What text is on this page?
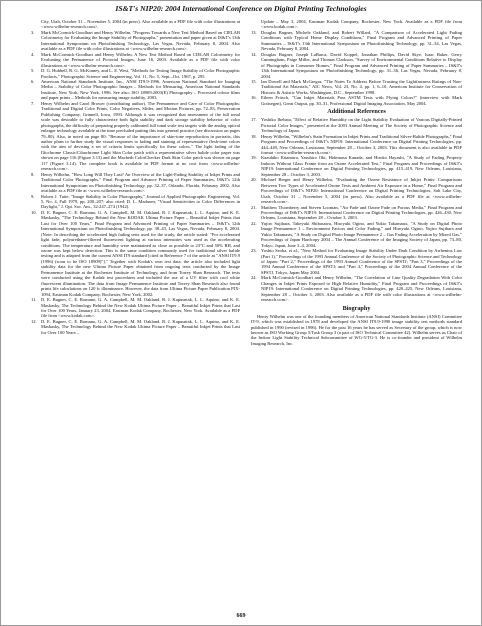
IS&T's NIP20: 2004 International Conference on Digital Printing Technologies
City, Utah, October 31 – November 5, 2004 (in press). Also available as a PDF file with color illustrations at <www.wilhelm-research.com>.
3. Mark McCormick-Goodhart and Henry Wilhelm, "Progress Towards a New Test Method Based on CIELAB Colorimetry for Evaluating the Image Stability of Photographs," presentation and paper given at IS&T's 13th International Symposium on Photofinishing Technology, Las Vegas, Nevada, February 8, 2004. Also available as a PDF file with color illustrations at <www.wilhelm-research.com>.
4. Mark McCormick-Goodhart and Henry Wilhelm, A New Test Method Based on CIELAB Colorimetry for Evaluating the Permanence of Pictorial Images, June 16, 2003. Available as a PDF file with color illustrations at <www.wilhelm-research.com>.
5. D. G. Hubbell, R. G. McKinney, and L. E. West, "Methods for Testing Image Stability of Color Photographic Products," Photographic Science and Engineering, Vol. 11, No. 5, Sept.–Oct. 1967, p. 295.
6. American National Standards Institute, Inc., ANSI IT9.9-1996, American National Standard for Imaging Media – Stability of Color Photographic Images – Methods for Measuring, American National Standards Institute, New York, New York, 1996. See also: ISO 18909:2003(E) Photography – Processed colour films and paper prints – Methods for measuring image stability, 2003.
7. Henry Wilhelm and Carol Brower (contributing author), The Permanence and Care of Color Photographs: Traditional and Digital Color Prints, Color Negatives, Slides, and Motion Pictures, pp. 72–83, Preservation Publishing Company, Grinnell, Iowa, 1993. Although it was recognized that assessment of the full tonal scale was desirable to fully characterize both light stability and dark storage stability behavior of color photographs, the difficulty of preparing properly calibrated full tonal scale test targets with the analog optical enlarger technology available at the time precluded putting this into general practice (see discussion on pages 79–80). Also, in noted on page 80: "Because of the importance of skin-tone reproduction in portraits, this author plans to further study the visual responses to fading and staining of representative flesh-tone colors with the aim of devising a set of criteria limits specifically for these colors." The light fading of the Ilfochrome Classic/Cibachrome Light Skin Color patch with a representative silver halide color paper was shown on page 116 (Figure 3.13) and the Macbeth ColorChecker Dark Skin Color patch was shown on page 117 (Figure 3.14). The complete book is available in PDF format at no cost from <www.wilhelm-research.com>.
8. Henry Wilhelm, "How Long Will They Last? An Overview of the Light-Fading Stability of Inkjet Prints and Traditional Color Photographs," Final Program and Advance Printing of Paper Summaries, IS&T's 12th International Symposium on Photofinishing Technology, pp. 32–37, Orlando, Florida, February 2002. Also available as a PDF file at <www.wilhelm-research.com>.
9. Robert J. Tuite, "Image Stability in Color Photography," Journal of Applied Photographic Engineering, Vol. 5, No. 4, Fall 1979, pp. 200–207; also cited: D. L. Madasen, "Visual Sensitivities to Color Differences in Daylight," J. Opt. Soc. Am., 32:247–274 (1942).
10. D. E. Bugner, C. E. Romano, G. A. Campbell, M. M. Oakland, R. J. Kapusniak, L. L. Aquino, and K. E. Maskasky, "The Technology Behind the New KODAK Ultima Picture Paper – Beautiful Inkjet Prints that Last for Over 100 Years," Final Program and Advanced Printing of Paper Summaries – IS&T's 12th International Symposium on Photofinishing Technology, pp. 38–43, Las Vegas, Nevada, February 8, 2004. (Note: In describing the accelerated high fading tests used for the study, the article stated: "For accelerated light fade, polyurethane-filtered fluorescent lighting at various intensities was used as the accelerating conditions. The temperature and humidity were maintained as close as possible to 23°C and 50% RH, and ozone was kept below detection. This is the same condition commonly used for traditional silver halide testing and is adapted from the current ANSI IT9 standard [cited in Reference 7 of the article as "ANSI IT9.9 (1996) (soon to be ISO 18909)"]." Together with Kodak's own test data, the article also included light stability data for the new Ultima Picture Paper obtained from ongoing tests conducted by the Image Permanence Institute at the Rochester Institute of Technology, and from Torrey Shan Research. The tests were conducted using the Kodak test procedures and included the use of a UV filter with cool white fluorescent illumination. The data from Image Permanence Institute and Torrey Shan Research also found prints life calculations on 120 fc illuminance. However, the data from Ultima Picture Paper Publication PIX-1094, Eastman Kodak Company, Rochester, New York, 2002.
11. D. E. Bugner, C. E. Romano, G. A. Campbell, M. M. Oakland, R. J. Kapusniak, L. L. Aquino, and K. E. Maskasky, The Technology Behind the New Kodak Ultima Picture Paper – Beautiful Inkjet Prints that Last for Over 100 Years, January 23, 2004, Eastman Kodak Company, Rochester, New York. Available as a PDF file from <www.kodak.com>.
12. D. E. Bugner, C. E. Romano, G. A. Campbell, M. M. Oakland, R. J. Kapusniak, L. L. Aquino, and K. E. Maskasky, The Technology Behind the New Kodak Ultima Picture Paper – Beautiful Inkjet Prints that Last for Over 100 Years –
Update – May 3, 2004, Eastman Kodak Company, Rochester, New York. Available as a PDF file from <www.kodak.com>.
13. Douglas Bugner, Michele Oakland, and Robert Willard, "A Comparison of Accelerated Light Fading Conditions with Typical Home Display Conditions," Final Program and Advanced Printing of Paper Summaries – IS&T's 13th International Symposium on Photofinishing Technology, pp. 31–34, Las Vegas, Nevada, February 8, 2004.
14. Douglas Bugner, Joseph LaBarca, David Koppel, Jonathan Phillips, David Skye, Isaac Baker, Gerry Cunningham, Paige Miller, and Thomas Clarkson, "Survey of Environmental Conditions Relative to Display of Photographs in Consumer Homes," Final Program and Advanced Printing of Paper Summaries – IS&T's 13th International Symposium on Photofinishing Technology, pp. 31–36, Las Vegas, Nevada, February 8, 2004.
15. Ian Dowell and Mark McGregor, "The Notes To Address Before Trusting the Lightfastness Ratings of Non-Traditional Art Materials," AIC News, Vol. 23, No. 4, pp. 1, 6–10, American Institute for Conservation of Historic & Artistic Works, Washington, D.C., September 1998.
16. Eileen Fritsch, "Can Inkjet Materials Pass ASTM Tests with Flying Colors?" (interview with Mark Gottsegen), Great Output, pp. 30–31, Professional Digital Imaging Association, May 2004.
Additional References
17. Yoshiko Ibebata, "Effect of Relative Humidity on the Light Stability Evaluation of Various Digitally-Printed Pictorial Color Images," presented at the 2003 Annual Meeting of The Society of Photographic Science and Technology of Japan.
18. Henry Wilhelm, "Wilhelm's Stain Formation in Inkjet Prints and Traditional Silver-Halide Photographs," Final Program and Proceedings of IS&T's NIP19: International Conference on Digital Printing Technologies, pp. 444–449, New Orleans, Louisiana, September 28 – October 3, 2003. This document is also available in PDF format <www.wilhelm-research.com>.
19. Kazuhiko Kitamura, Yasuhiro Oki, Hidemasa Kanada, and Hiroko Hayashi, "A Study of Fading Property Indoors Without Glass Frame from an Ozone Accelerated Test," Final Program and Proceedings of IS&T's NIP19: International Conference on Digital Printing Technologies, pp. 415–419, New Orleans, Louisiana, September 28 – October 3, 2003.
20. Michael Berger and Henry Wilhelm, "Evaluating the Ozone Resistance of Inkjet Prints: Comparisons Between Two Types of Accelerated Ozone Tests and Ambient Air Exposure in a Home," Final Program and Proceedings of IS&T's NIP20: International Conference on Digital Printing Technologies, Salt Lake City, Utah, October 31 – November 5, 2004 (in press). Also available as a PDF file at <www.wilhelm-research.com>.
21. Matthew Thornberry and Steven Looman, "Air Fade and Ozone Fade on Porous Media," Final Program and Proceedings of IS&T's NIP19: International Conference on Digital Printing Technologies, pp. 426–430, New Orleans, Louisiana, September 28 – October 3, 2003.
22. Yujiro Sujihara, Takeyuki Shibasawa, Hiroyuki Ogino, and Yukio Takamasts, "A Study on Digital Photo Image Permanence 1 – Environment Factors and Color Fading," and Hiroyuki Ogino, Yujiro Sujihara and Yukio Takamasts, "A Study on Digital Photo Image Permanence 2 – Gas Fading Acceleration by Mixed Gas," Proceedings of Japan Hardcopy 2004 – The Annual Conference of the Imaging Society of Japan, pp. 73–80, Tokyo, Japan, June 3–4, 2004.
23. Yoshio Seoka, et al., "New Method for Evaluating Image Stability Under Dark Condition by Arrhenius Law (Part 1)," Proceedings of the 1993 Annual Conference of the Society of Photographic Science and Technology of Japan: "Part 2," Proceedings of the 1993 Annual Conference of the SPSTJ; "Part 3," Proceedings of the 1994 Annual Conference of the SPSTJ; and "Part 4," Proceedings of the 2004 Annual Conference of the SPSTJ, Tokyo, Japan May 2004.
24. Mark McCormick-Goodhart and Henry Wilhelm, "The Correlation of Line Quality Degradation With Color Changes in Inkjet Prints Exposed to High Relative Humidity," Final Program and Proceedings of IS&T's NIP19: International Conference on Digital Printing Technologies, pp. 420–425, New Orleans, Louisiana, September 28 – October 3, 2003. Also available as a PDF file with color illustrations at <www.wilhelm-research.com>.
Biography

Henry Wilhelm was one of the founding members of American National Standards Institute (ANSI) Committee IT-9, which was established in 1978 and developed the ANSI IT9.9-1990 image stability test methods standard published in 1990 (revised in 1996). He for the past 16 years he has served as Secretary of the group, which is now known as ISO Working Group 5/Task Group 3 (a part of ISO Technical Committee 42). Wilhelm serves as Chair of the Indoor Light Stability Technical Subcommittee of WG-5/TG-3. He is co-founder and president of Wilhelm Imaging Research, Inc.

669
